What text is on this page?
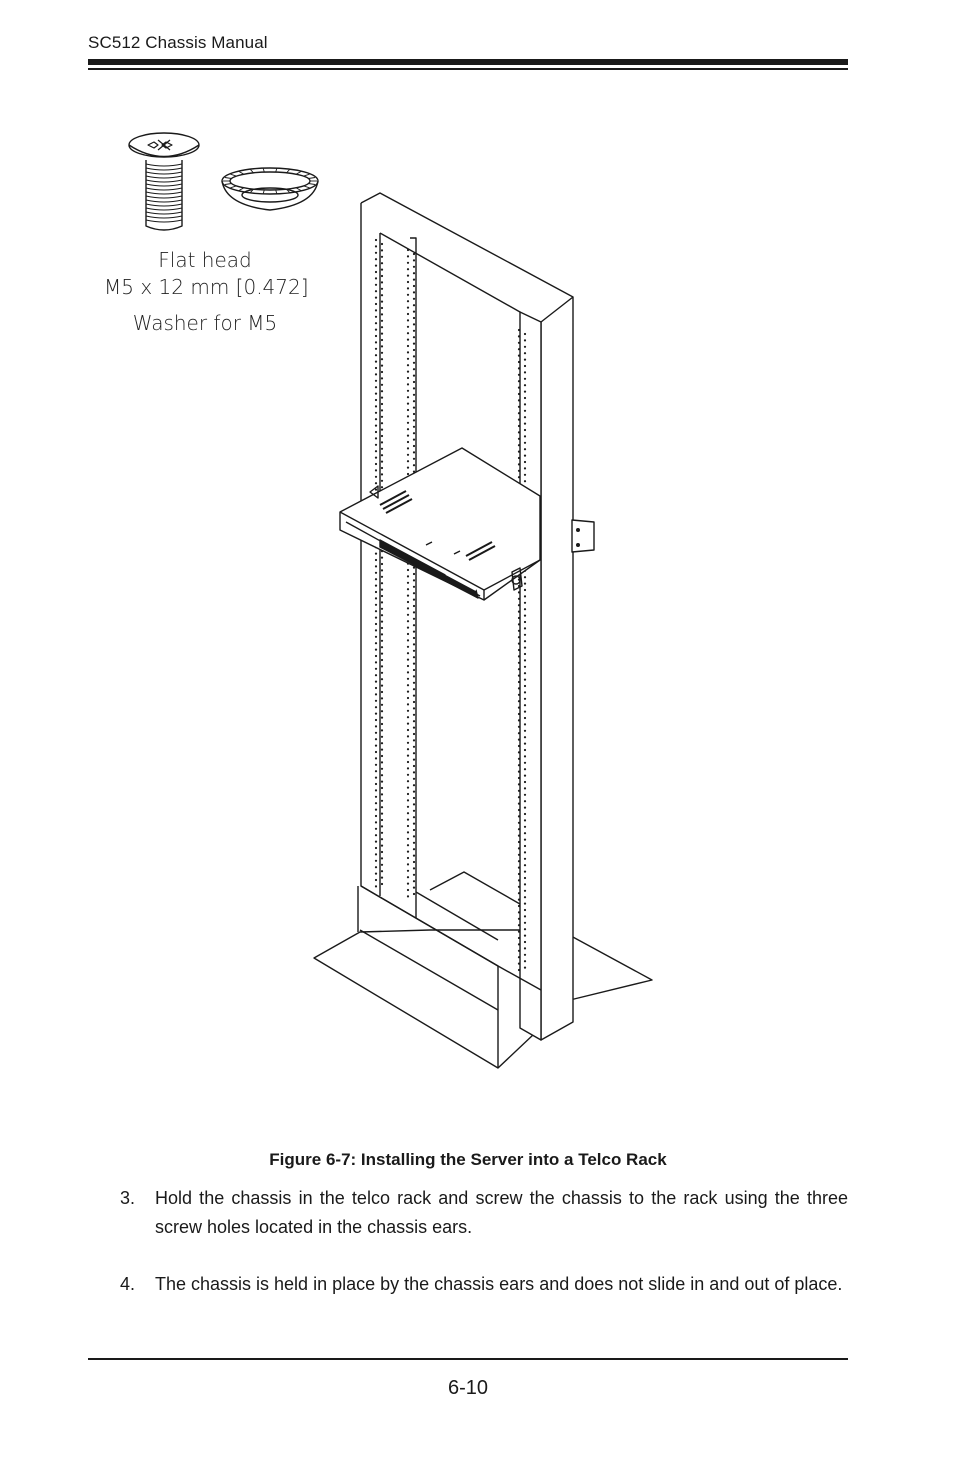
SC512 Chassis Manual
Flat head
M5 x 12 mm [0.472]
Washer for M5
Figure 6-7: Installing the Server into a Telco Rack
3. Hold the chassis in the telco rack and screw the chassis to the rack using the three screw holes located in the chassis ears.
4. The chassis is held in place by the chassis ears and does not slide in and out of place.
6-10
